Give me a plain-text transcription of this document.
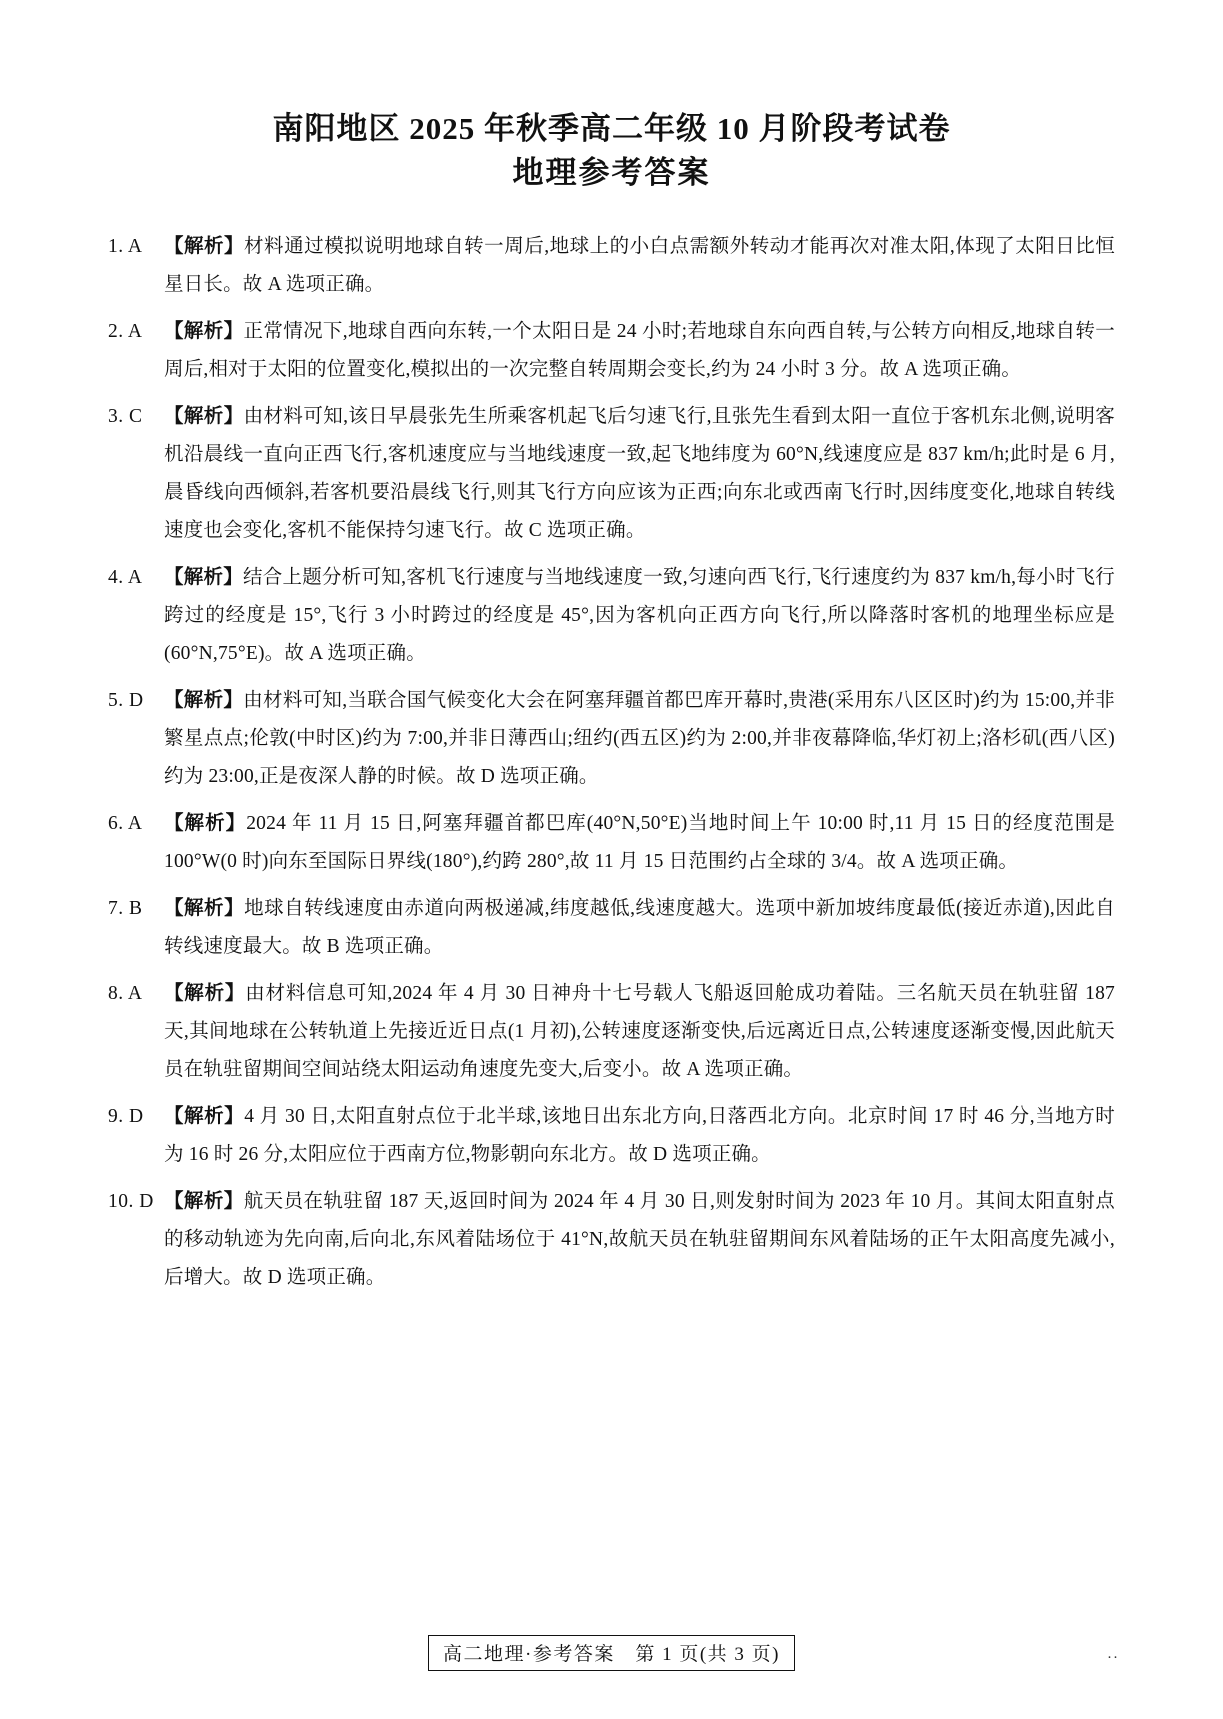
南阳地区 2025 年秋季高二年级 10 月阶段考试卷
地理参考答案
1. A	【解析】材料通过模拟说明地球自转一周后,地球上的小白点需额外转动才能再次对准太阳,体现了太阳日比恒星日长。故 A 选项正确。
2. A	【解析】正常情况下,地球自西向东转,一个太阳日是 24 小时;若地球自东向西自转,与公转方向相反,地球自转一周后,相对于太阳的位置变化,模拟出的一次完整自转周期会变长,约为 24 小时 3 分。故 A 选项正确。
3. C	【解析】由材料可知,该日早晨张先生所乘客机起飞后匀速飞行,且张先生看到太阳一直位于客机东北侧,说明客机沿晨线一直向正西飞行,客机速度应与当地线速度一致,起飞地纬度为 60°N,线速度应是 837 km/h;此时是 6 月,晨昏线向西倾斜,若客机要沿晨线飞行,则其飞行方向应该为正西;向东北或西南飞行时,因纬度变化,地球自转线速度也会变化,客机不能保持匀速飞行。故 C 选项正确。
4. A	【解析】结合上题分析可知,客机飞行速度与当地线速度一致,匀速向西飞行,飞行速度约为 837 km/h,每小时飞行跨过的经度是 15°,飞行 3 小时跨过的经度是 45°,因为客机向正西方向飞行,所以降落时客机的地理坐标应是(60°N,75°E)。故 A 选项正确。
5. D	【解析】由材料可知,当联合国气候变化大会在阿塞拜疆首都巴库开幕时,贵港(采用东八区区时)约为 15:00,并非繁星点点;伦敦(中时区)约为 7:00,并非日薄西山;纽约(西五区)约为 2:00,并非夜幕降临,华灯初上;洛杉矶(西八区)约为 23:00,正是夜深人静的时候。故 D 选项正确。
6. A	【解析】2024 年 11 月 15 日,阿塞拜疆首都巴库(40°N,50°E)当地时间上午 10:00 时,11 月 15 日的经度范围是 100°W(0 时)向东至国际日界线(180°),约跨 280°,故 11 月 15 日范围约占全球的 3/4。故 A 选项正确。
7. B	【解析】地球自转线速度由赤道向两极递减,纬度越低,线速度越大。选项中新加坡纬度最低(接近赤道),因此自转线速度最大。故 B 选项正确。
8. A	【解析】由材料信息可知,2024 年 4 月 30 日神舟十七号载人飞船返回舱成功着陆。三名航天员在轨驻留 187 天,其间地球在公转轨道上先接近近日点(1 月初),公转速度逐渐变快,后远离近日点,公转速度逐渐变慢,因此航天员在轨驻留期间空间站绕太阳运动角速度先变大,后变小。故 A 选项正确。
9. D	【解析】4 月 30 日,太阳直射点位于北半球,该地日出东北方向,日落西北方向。北京时间 17 时 46 分,当地方时为 16 时 26 分,太阳应位于西南方位,物影朝向东北方。故 D 选项正确。
10. D 【解析】航天员在轨驻留 187 天,返回时间为 2024 年 4 月 30 日,则发射时间为 2023 年 10 月。其间太阳直射点的移动轨迹为先向南,后向北,东风着陆场位于 41°N,故航天员在轨驻留期间东风着陆场的正午太阳高度先减小,后增大。故 D 选项正确。
高二地理·参考答案　第 1 页(共 3 页)	··
